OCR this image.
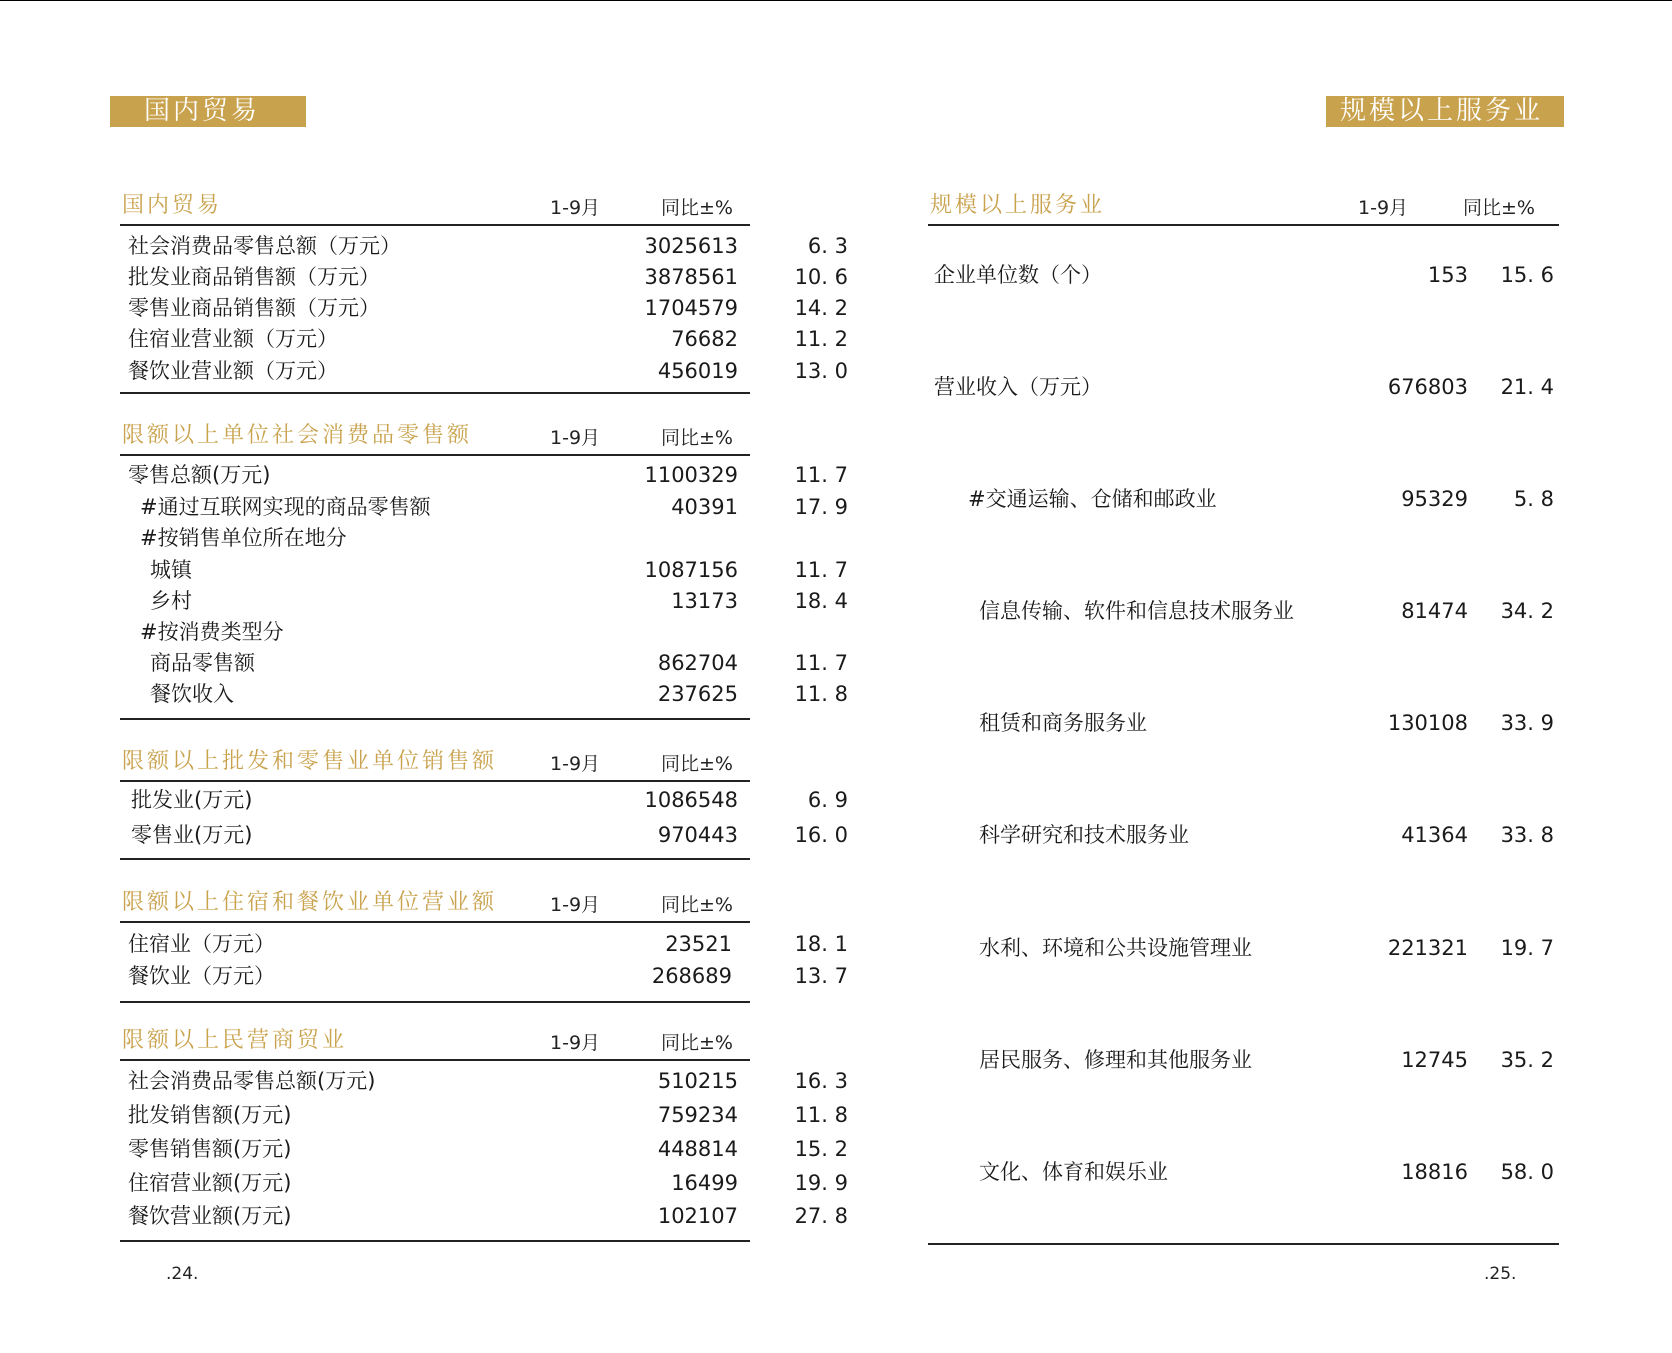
国内贸易
国内贸易	1-9月	同比±%
社会消费品零售总额（万元）	3025613	6. 3
批发业商品销售额（万元）	3878561	10. 6
零售业商品销售额（万元）	1704579	14. 2
住宿业营业额（万元）	76682	11. 2
餐饮业营业额（万元）	456019	13. 0
限额以上单位社会消费品零售额	1-9月	同比±%
零售总额(万元)	1100329	11. 7
#通过互联网实现的商品零售额	40391	17. 9
#按销售单位所在地分
城镇	1087156	11. 7
乡村	13173	18. 4
#按消费类型分
商品零售额	862704	11. 7
餐饮收入	237625	11. 8
限额以上批发和零售业单位销售额	1-9月	同比±%
批发业(万元)	1086548	6. 9
零售业(万元)	970443	16. 0
限额以上住宿和餐饮业单位营业额	1-9月	同比±%
住宿业（万元）	23521	18. 1
餐饮业（万元）	268689	13. 7
限额以上民营商贸业	1-9月	同比±%
社会消费品零售总额(万元)	510215	16. 3
批发销售额(万元)	759234	11. 8
零售销售额(万元)	448814	15. 2
住宿营业额(万元)	16499	19. 9
餐饮营业额(万元)	102107	27. 8
.24.
规模以上服务业
规模以上服务业	1-9月	同比±%
企业单位数（个）	153	15. 6
营业收入（万元）	676803	21. 4
#交通运输、仓储和邮政业	95329	5. 8
信息传输、软件和信息技术服务业	81474	34. 2
租赁和商务服务业	130108	33. 9
科学研究和技术服务业	41364	33. 8
水利、环境和公共设施管理业	221321	19. 7
居民服务、修理和其他服务业	12745	35. 2
文化、体育和娱乐业	18816	58. 0
.25.
